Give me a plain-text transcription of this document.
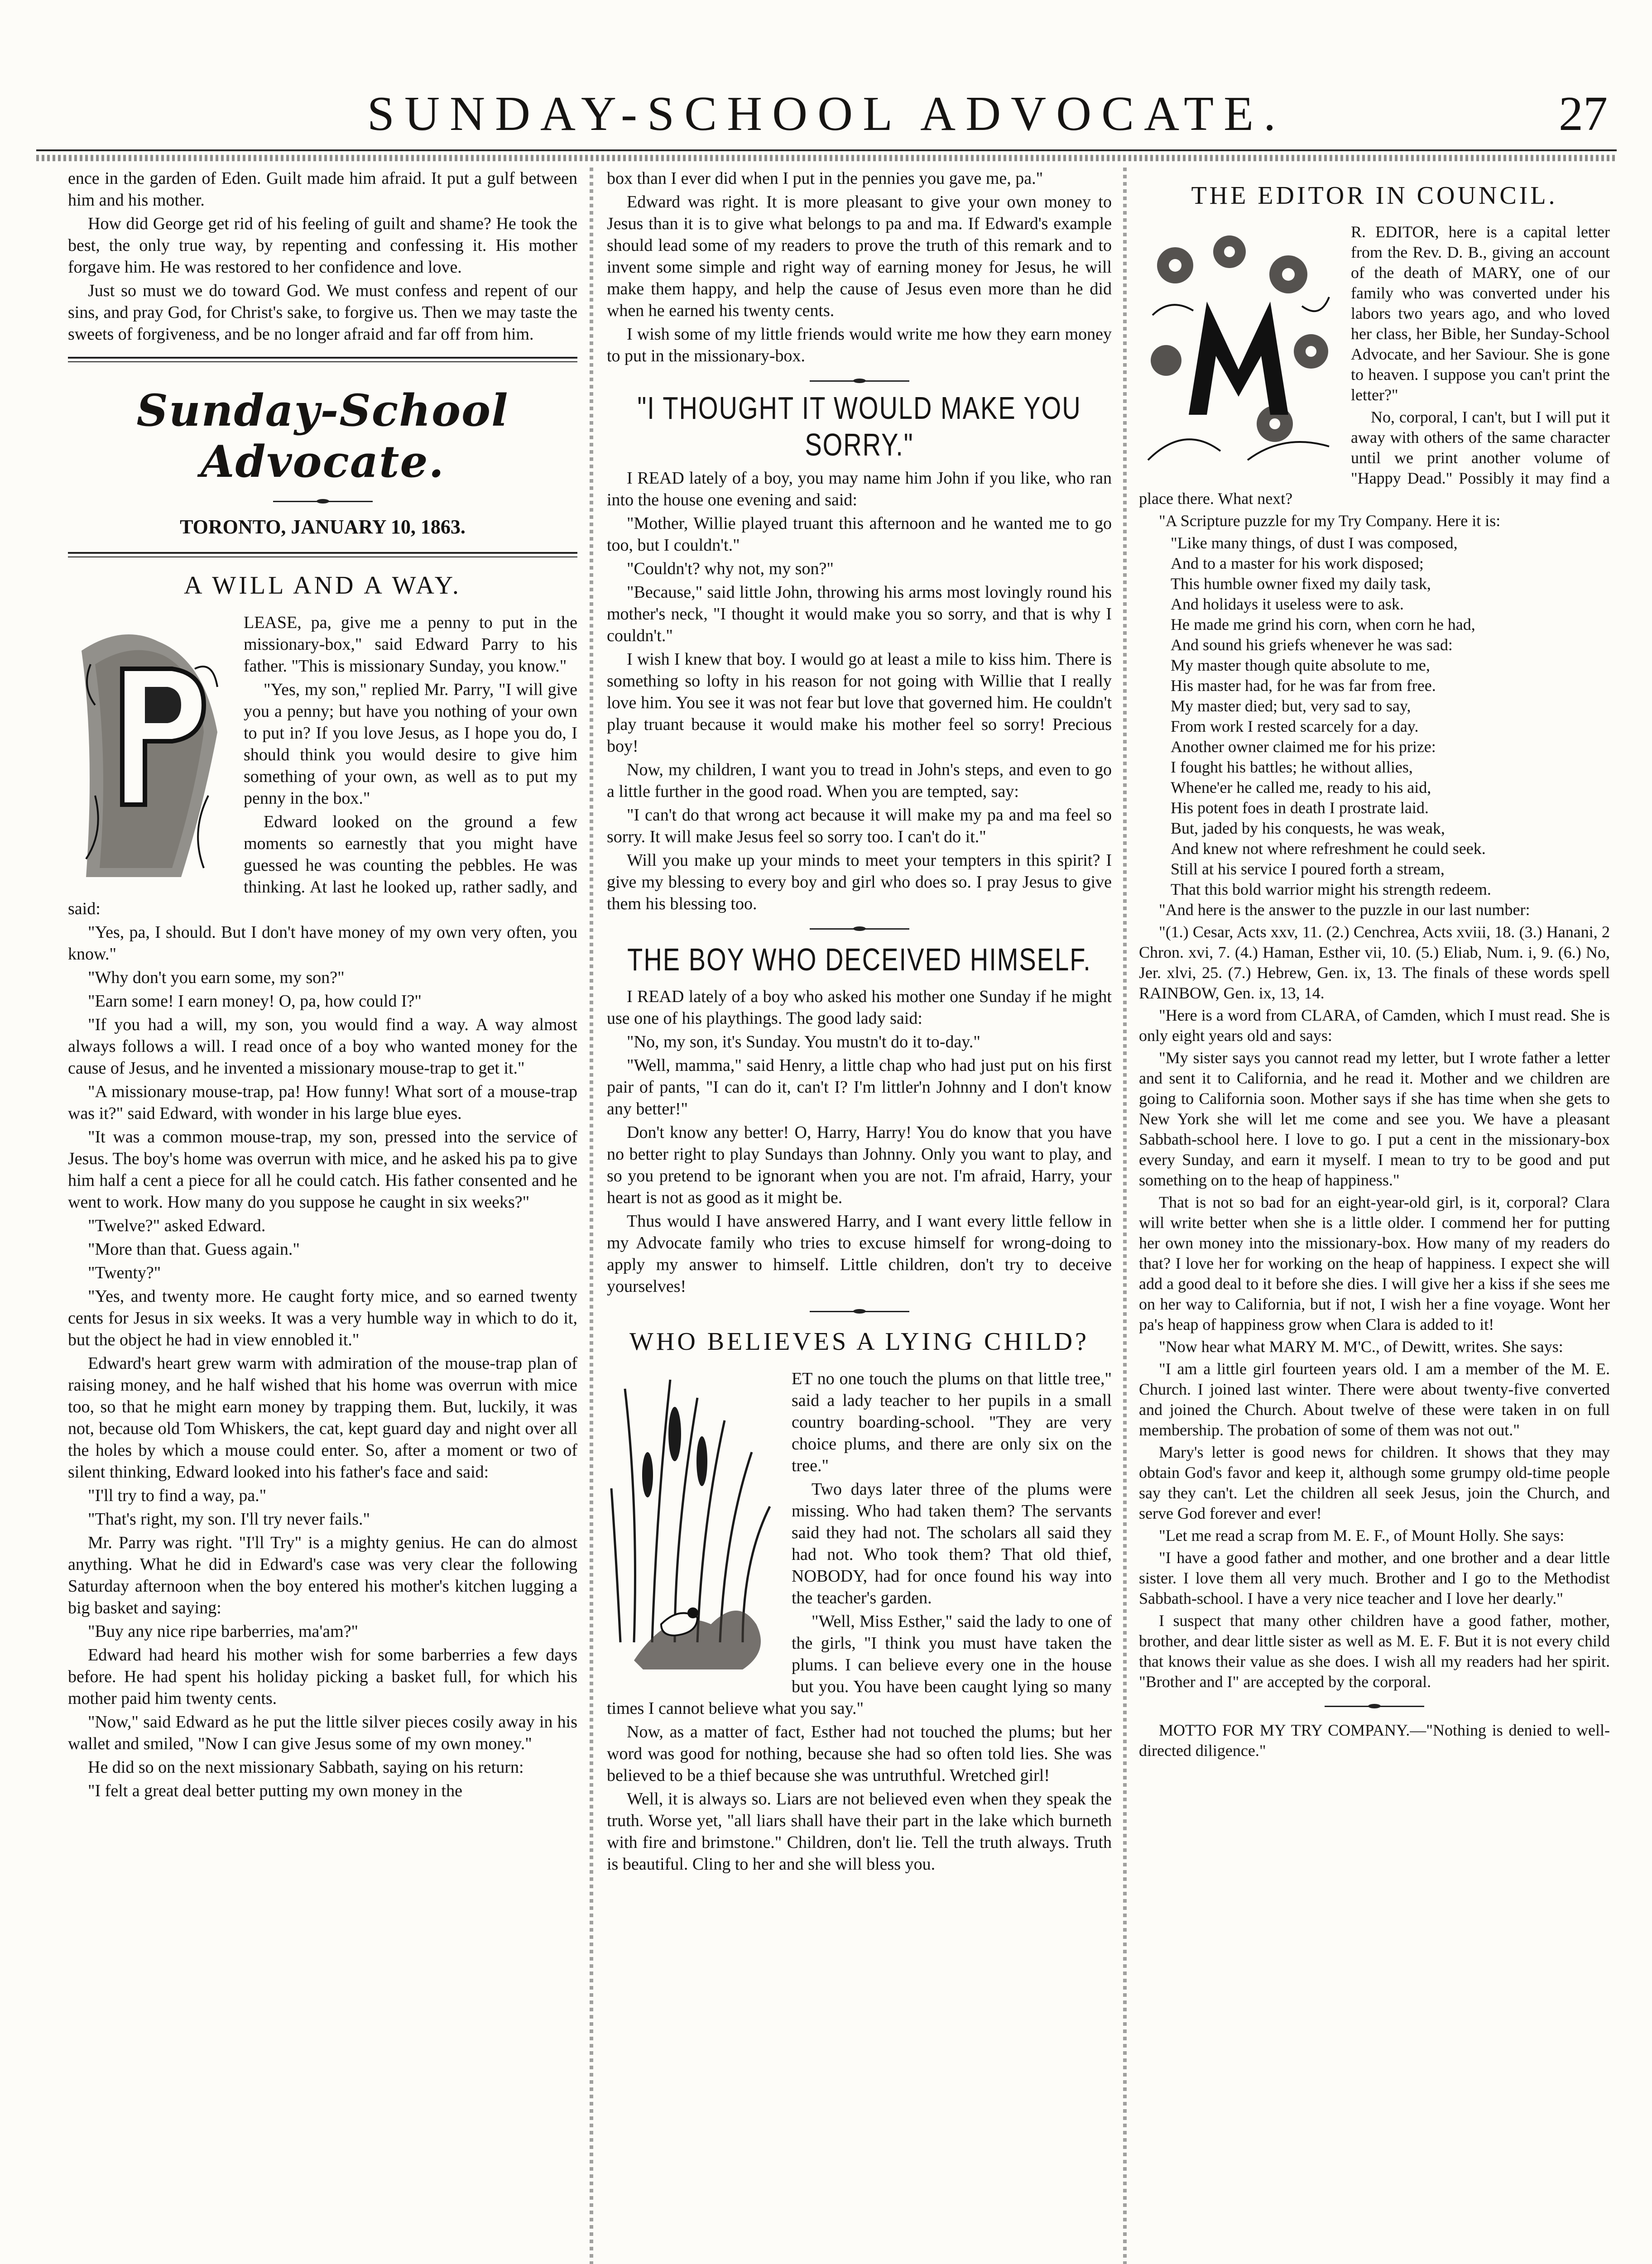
SUNDAY-SCHOOL ADVOCATE.	27

ence in the garden of Eden. Guilt made him afraid. It put a gulf between him and his mother.

How did George get rid of his feeling of guilt and shame? He took the best, the only true way, by repenting and confessing it. His mother forgave him. He was restored to her confidence and love.

Just so must we do toward God. We must confess and repent of our sins, and pray God, for Christ's sake, to forgive us. Then we may taste the sweets of forgiveness, and be no longer afraid and far off from him.

Sunday-School Advocate.
TORONTO, JANUARY 10, 1863.
A WILL AND A WAY.

LEASE, pa, give me a penny to put in the missionary-box," said Edward Parry to his father. "This is missionary Sunday, you know."

"Yes, my son," replied Mr. Parry, "I will give you a penny; but have you nothing of your own to put in? If you love Jesus, as I hope you do, I should think you would desire to give him something of your own, as well as to put my penny in the box."

Edward looked on the ground a few moments so earnestly that you might have guessed he was counting the pebbles. He was thinking. At last he looked up, rather sadly, and said:

"Yes, pa, I should. But I don't have money of my own very often, you know."

"Why don't you earn some, my son?"

"Earn some! I earn money! O, pa, how could I?"

"If you had a will, my son, you would find a way. A way almost always follows a will. I read once of a boy who wanted money for the cause of Jesus, and he invented a missionary mouse-trap to get it."

"A missionary mouse-trap, pa! How funny! What sort of a mouse-trap was it?" said Edward, with wonder in his large blue eyes.

"It was a common mouse-trap, my son, pressed into the service of Jesus. The boy's home was overrun with mice, and he asked his pa to give him half a cent a piece for all he could catch. His father consented and he went to work. How many do you suppose he caught in six weeks?"

"Twelve?" asked Edward.

"More than that. Guess again."

"Twenty?"

"Yes, and twenty more. He caught forty mice, and so earned twenty cents for Jesus in six weeks. It was a very humble way in which to do it, but the object he had in view ennobled it."

Edward's heart grew warm with admiration of the mouse-trap plan of raising money, and he half wished that his home was overrun with mice too, so that he might earn money by trapping them. But, luckily, it was not, because old Tom Whiskers, the cat, kept guard day and night over all the holes by which a mouse could enter. So, after a moment or two of silent thinking, Edward looked into his father's face and said:

"I'll try to find a way, pa."

"That's right, my son. I'll try never fails."

Mr. Parry was right. "I'll Try" is a mighty genius. He can do almost anything. What he did in Edward's case was very clear the following Saturday afternoon when the boy entered his mother's kitchen lugging a big basket and saying:

"Buy any nice ripe barberries, ma'am?"

Edward had heard his mother wish for some barberries a few days before. He had spent his holiday picking a basket full, for which his mother paid him twenty cents.

"Now," said Edward as he put the little silver pieces cosily away in his wallet and smiled, "Now I can give Jesus some of my own money."

He did so on the next missionary Sabbath, saying on his return:

"I felt a great deal better putting my own money in the

box than I ever did when I put in the pennies you gave me, pa."

Edward was right. It is more pleasant to give your own money to Jesus than it is to give what belongs to pa and ma. If Edward's example should lead some of my readers to prove the truth of this remark and to invent some simple and right way of earning money for Jesus, he will make them happy, and help the cause of Jesus even more than he did when he earned his twenty cents.

I wish some of my little friends would write me how they earn money to put in the missionary-box.

"I THOUGHT IT WOULD MAKE YOU SORRY."

I READ lately of a boy, you may name him John if you like, who ran into the house one evening and said:

"Mother, Willie played truant this afternoon and he wanted me to go too, but I couldn't."

"Couldn't? why not, my son?"

"Because," said little John, throwing his arms most lovingly round his mother's neck, "I thought it would make you so sorry, and that is why I couldn't."

I wish I knew that boy. I would go at least a mile to kiss him. There is something so lofty in his reason for not going with Willie that I really love him. You see it was not fear but love that governed him. He couldn't play truant because it would make his mother feel so sorry! Precious boy!

Now, my children, I want you to tread in John's steps, and even to go a little further in the good road. When you are tempted, say:

"I can't do that wrong act because it will make my pa and ma feel so sorry. It will make Jesus feel so sorry too. I can't do it."

Will you make up your minds to meet your tempters in this spirit? I give my blessing to every boy and girl who does so. I pray Jesus to give them his blessing too.

THE BOY WHO DECEIVED HIMSELF.

I READ lately of a boy who asked his mother one Sunday if he might use one of his playthings. The good lady said:

"No, my son, it's Sunday. You mustn't do it to-day."

"Well, mamma," said Henry, a little chap who had just put on his first pair of pants, "I can do it, can't I? I'm littler'n Johnny and I don't know any better!"

Don't know any better! O, Harry, Harry! You do know that you have no better right to play Sundays than Johnny. Only you want to play, and so you pretend to be ignorant when you are not. I'm afraid, Harry, your heart is not as good as it might be.

Thus would I have answered Harry, and I want every little fellow in my Advocate family who tries to excuse himself for wrong-doing to apply my answer to himself. Little children, don't try to deceive yourselves!

WHO BELIEVES A LYING CHILD?

ET no one touch the plums on that little tree," said a lady teacher to her pupils in a small country boarding-school. "They are very choice plums, and there are only six on the tree."

Two days later three of the plums were missing. Who had taken them? The servants said they had not. The scholars all said they had not. Who took them? That old thief, NOBODY, had for once found his way into the teacher's garden.

"Well, Miss Esther," said the lady to one of the girls, "I think you must have taken the plums. I can believe every one in the house but you. You have been caught lying so many times I cannot believe what you say."

Now, as a matter of fact, Esther had not touched the plums; but her word was good for nothing, because she had so often told lies. She was believed to be a thief because she was untruthful. Wretched girl!

Well, it is always so. Liars are not believed even when they speak the truth. Worse yet, "all liars shall have their part in the lake which burneth with fire and brimstone." Children, don't lie. Tell the truth always. Truth is beautiful. Cling to her and she will bless you.

THE EDITOR IN COUNCIL.

R. EDITOR, here is a capital letter from the Rev. D. B., giving an account of the death of MARY, one of our family who was converted under his labors two years ago, and who loved her class, her Bible, her Sunday-School Advocate, and her Saviour. She is gone to heaven. I suppose you can't print the letter?"

No, corporal, I can't, but I will put it away with others of the same character until we print another volume of "Happy Dead." Possibly it may find a place there. What next?

"A Scripture puzzle for my Try Company. Here it is:

"Like many things, of dust I was composed,

And to a master for his work disposed;

This humble owner fixed my daily task,

And holidays it useless were to ask.

He made me grind his corn, when corn he had,

And sound his griefs whenever he was sad:

My master though quite absolute to me,

His master had, for he was far from free.

My master died; but, very sad to say,

From work I rested scarcely for a day.

Another owner claimed me for his prize:

I fought his battles; he without allies,

Whene'er he called me, ready to his aid,

His potent foes in death I prostrate laid.

But, jaded by his conquests, he was weak,

And knew not where refreshment he could seek.

Still at his service I poured forth a stream,

That this bold warrior might his strength redeem.

"And here is the answer to the puzzle in our last number:

"(1.) Cesar, Acts xxv, 11. (2.) Cenchrea, Acts xviii, 18. (3.) Hanani, 2 Chron. xvi, 7. (4.) Haman, Esther vii, 10. (5.) Eliab, Num. i, 9. (6.) No, Jer. xlvi, 25. (7.) Hebrew, Gen. ix, 13. The finals of these words spell RAINBOW, Gen. ix, 13, 14.

"Here is a word from CLARA, of Camden, which I must read. She is only eight years old and says:

"My sister says you cannot read my letter, but I wrote father a letter and sent it to California, and he read it. Mother and we children are going to California soon. Mother says if she has time when she gets to New York she will let me come and see you. We have a pleasant Sabbath-school here. I love to go. I put a cent in the missionary-box every Sunday, and earn it myself. I mean to try to be good and put something on to the heap of happiness."

That is not so bad for an eight-year-old girl, is it, corporal? Clara will write better when she is a little older. I commend her for putting her own money into the missionary-box. How many of my readers do that? I love her for working on the heap of happiness. I expect she will add a good deal to it before she dies. I will give her a kiss if she sees me on her way to California, but if not, I wish her a fine voyage. Wont her pa's heap of happiness grow when Clara is added to it!

"Now hear what MARY M. M'C., of Dewitt, writes. She says:

"I am a little girl fourteen years old. I am a member of the M. E. Church. I joined last winter. There were about twenty-five converted and joined the Church. About twelve of these were taken in on full membership. The probation of some of them was not out."

Mary's letter is good news for children. It shows that they may obtain God's favor and keep it, although some grumpy old-time people say they can't. Let the children all seek Jesus, join the Church, and serve God forever and ever!

"Let me read a scrap from M. E. F., of Mount Holly. She says:

"I have a good father and mother, and one brother and a dear little sister. I love them all very much. Brother and I go to the Methodist Sabbath-school. I have a very nice teacher and I love her dearly."

I suspect that many other children have a good father, mother, brother, and dear little sister as well as M. E. F. But it is not every child that knows their value as she does. I wish all my readers had her spirit. "Brother and I" are accepted by the corporal.

MOTTO FOR MY TRY COMPANY.—"Nothing is denied to well-directed diligence."
